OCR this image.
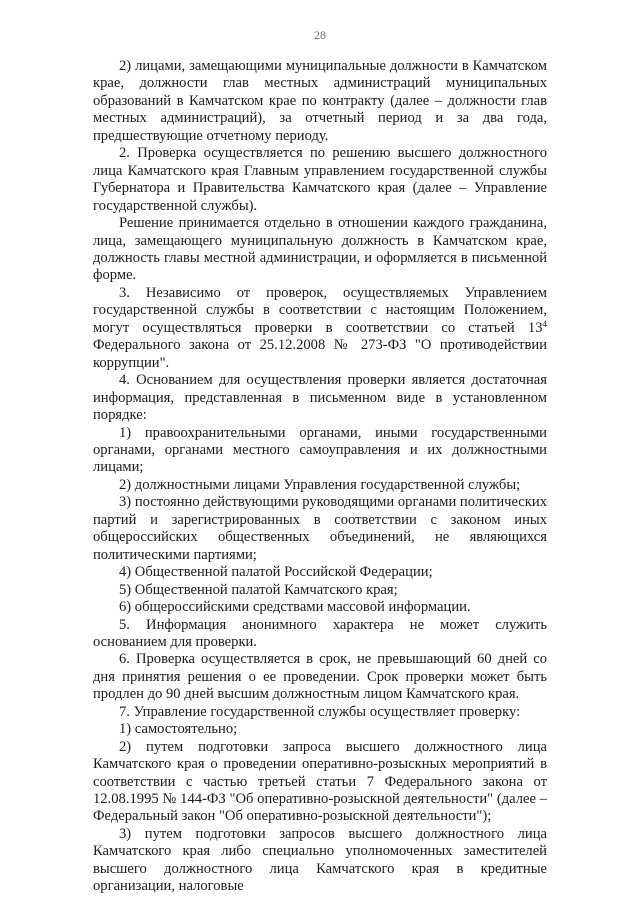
28

2) лицами, замещающими муниципальные должности в Камчатском крае, должности глав местных администраций муниципальных образований в Камчатском крае по контракту (далее – должности глав местных администраций), за отчетный период и за два года, предшествующие отчетному периоду.

2. Проверка осуществляется по решению высшего должностного лица Камчатского края Главным управлением государственной службы Губернатора и Правительства Камчатского края (далее – Управление государственной службы).

Решение принимается отдельно в отношении каждого гражданина, лица, замещающего муниципальную должность в Камчатском крае, должность главы местной администрации, и оформляется в письменной форме.

3. Независимо от проверок, осуществляемых Управлением государственной службы в соответствии с настоящим Положением, могут осуществляться проверки в соответствии со статьей $13^4$ Федерального закона от 25.12.2008 № 273-ФЗ "О противодействии коррупции".

4. Основанием для осуществления проверки является достаточная информация, представленная в письменном виде в установленном порядке:

1) правоохранительными органами, иными государственными органами, органами местного самоуправления и их должностными лицами;

2) должностными лицами Управления государственной службы;

3) постоянно действующими руководящими органами политических партий и зарегистрированных в соответствии с законом иных общероссийских общественных объединений, не являющихся политическими партиями;

4) Общественной палатой Российской Федерации;

5) Общественной палатой Камчатского края;

6) общероссийскими средствами массовой информации.

5. Информация анонимного характера не может служить основанием для проверки.

6. Проверка осуществляется в срок, не превышающий 60 дней со дня принятия решения о ее проведении. Срок проверки может быть продлен до 90 дней высшим должностным лицом Камчатского края.

7. Управление государственной службы осуществляет проверку:

1) самостоятельно;

2) путем подготовки запроса высшего должностного лица Камчатского края о проведении оперативно-розыскных мероприятий в соответствии с частью третьей статьи 7 Федерального закона от 12.08.1995 № 144-ФЗ "Об оперативно-розыскной деятельности" (далее – Федеральный закон "Об оперативно-розыскной деятельности");

3) путем подготовки запросов высшего должностного лица Камчатского края либо специально уполномоченных заместителей высшего должностного лица Камчатского края в кредитные организации, налоговые
